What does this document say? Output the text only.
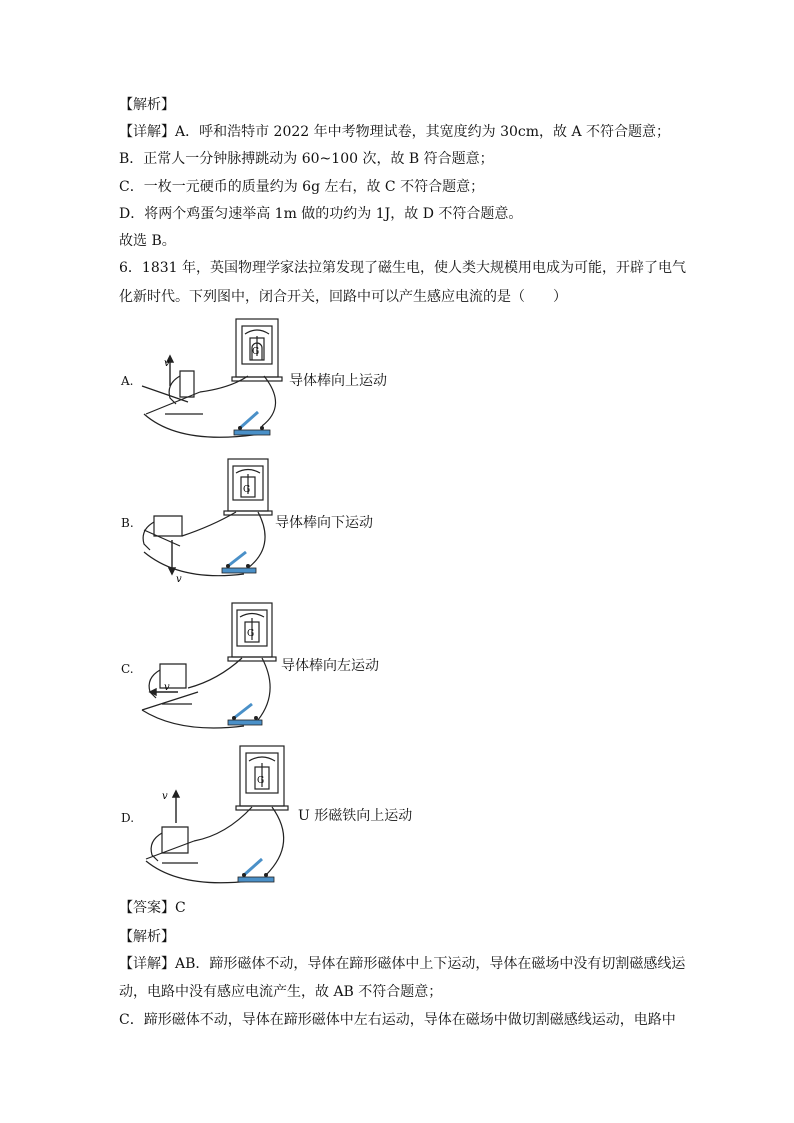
【解析】
【详解】A．呼和浩特市 2022 年中考物理试卷，其宽度约为 30cm，故 A 不符合题意；
B．正常人一分钟脉搏跳动为 60~100 次，故 B 符合题意；
C．一枚一元硬币的质量约为 6g 左右，故 C 不符合题意；
D．将两个鸡蛋匀速举高 1m 做的功约为 1J，故 D 不符合题意。
故选 B。
6．1831 年，英国物理学家法拉第发现了磁生电，使人类大规模用电成为可能，开辟了电气
化新时代。下列图中，闭合开关，回路中可以产生感应电流的是（　　）
A.
v
G
导体棒向上运动
B.
v
G
导体棒向下运动
C.
v
G
导体棒向左运动
D.
v
G
U 形磁铁向上运动
【答案】C
【解析】
【详解】AB．蹄形磁体不动，导体在蹄形磁体中上下运动，导体在磁场中没有切割磁感线运
动，电路中没有感应电流产生，故 AB 不符合题意；
C．蹄形磁体不动，导体在蹄形磁体中左右运动，导体在磁场中做切割磁感线运动，电路中
